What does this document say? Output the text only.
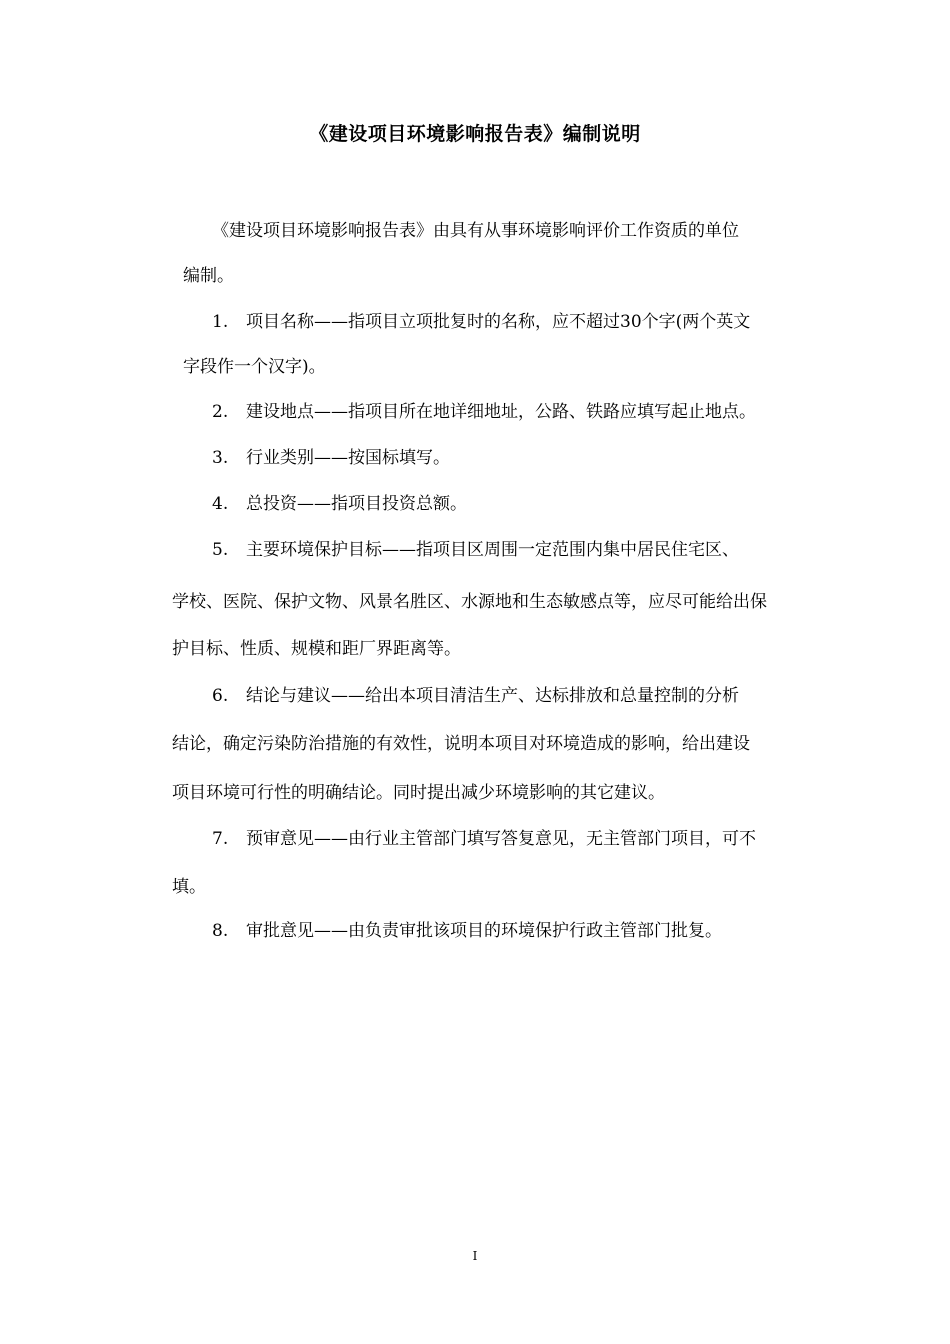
《建设项目环境影响报告表》编制说明
《建设项目环境影响报告表》由具有从事环境影响评价工作资质的单位
编制。
1. 项目名称——指项目立项批复时的名称，应不超过30个字(两个英文
字段作一个汉字)。
2. 建设地点——指项目所在地详细地址，公路、铁路应填写起止地点。
3. 行业类别——按国标填写。
4. 总投资——指项目投资总额。
5. 主要环境保护目标——指项目区周围一定范围内集中居民住宅区、
学校、医院、保护文物、风景名胜区、水源地和生态敏感点等，应尽可能给出保
护目标、性质、规模和距厂界距离等。
6. 结论与建议——给出本项目清洁生产、达标排放和总量控制的分析
结论，确定污染防治措施的有效性，说明本项目对环境造成的影响，给出建设
项目环境可行性的明确结论。同时提出减少环境影响的其它建议。
7. 预审意见——由行业主管部门填写答复意见，无主管部门项目，可不
填。
8. 审批意见——由负责审批该项目的环境保护行政主管部门批复。
I
